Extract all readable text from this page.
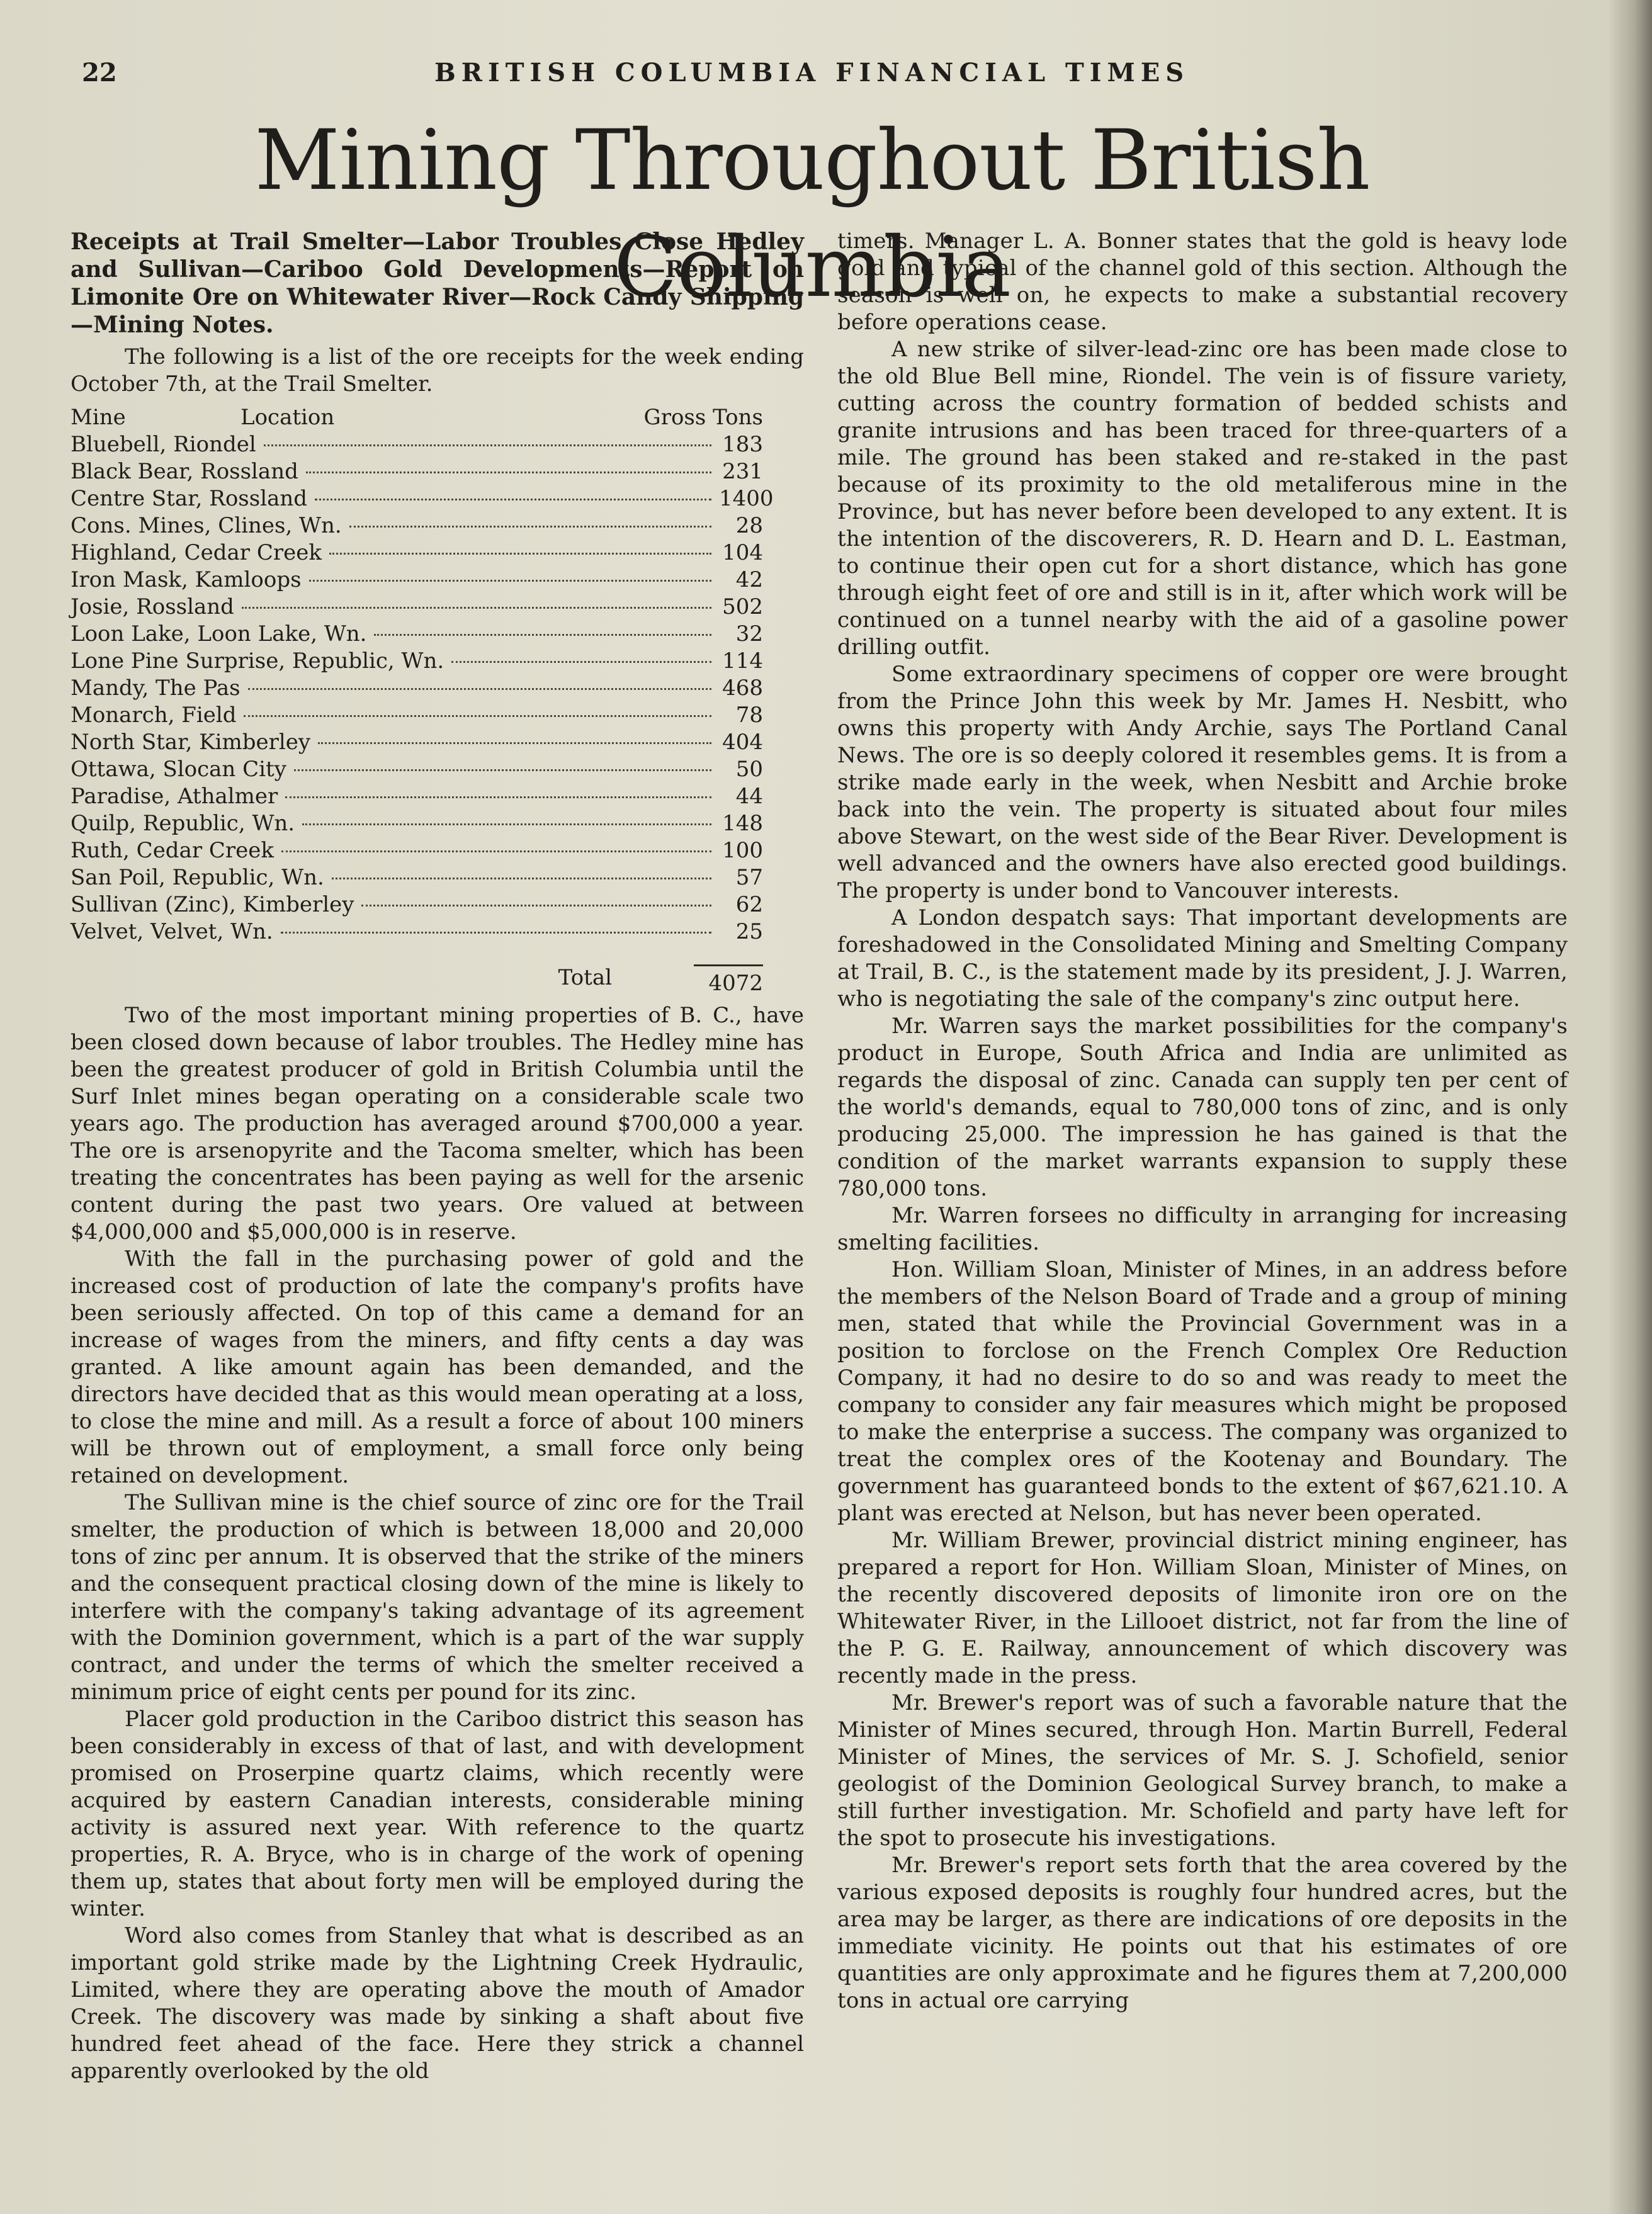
22	BRITISH COLUMBIA FINANCIAL TIMES
Mining Throughout British Columbia
Receipts at Trail Smelter—Labor Troubles Close Hedley and Sullivan—Cariboo Gold Developments—Report on Limonite Ore on Whitewater River—Rock Candy Shipping—Mining Notes.

The following is a list of the ore receipts for the week ending October 7th, at the Trail Smelter.

Mine	Location	Gross Tons
Bluebell, Riondel	183
Black Bear, Rossland	231
Centre Star, Rossland	1400
Cons. Mines, Clines, Wn.	28
Highland, Cedar Creek	104
Iron Mask, Kamloops	42
Josie, Rossland	502
Loon Lake, Loon Lake, Wn.	32
Lone Pine Surprise, Republic, Wn.	114
Mandy, The Pas	468
Monarch, Field	78
North Star, Kimberley	404
Ottawa, Slocan City	50
Paradise, Athalmer	44
Quilp, Republic, Wn.	148
Ruth, Cedar Creek	100
San Poil, Republic, Wn.	57
Sullivan (Zinc), Kimberley	62
Velvet, Velvet, Wn.	25
Total	4072

Two of the most important mining properties of B. C., have been closed down because of labor troubles. The Hedley mine has been the greatest producer of gold in British Columbia until the Surf Inlet mines began operating on a considerable scale two years ago. The production has averaged around $700,000 a year. The ore is arsenopyrite and the Tacoma smelter, which has been treating the concentrates has been paying as well for the arsenic content during the past two years. Ore valued at between $4,000,000 and $5,000,000 is in reserve.

With the fall in the purchasing power of gold and the increased cost of production of late the company's profits have been seriously affected. On top of this came a demand for an increase of wages from the miners, and fifty cents a day was granted. A like amount again has been demanded, and the directors have decided that as this would mean operating at a loss, to close the mine and mill. As a result a force of about 100 miners will be thrown out of employment, a small force only being retained on development.

The Sullivan mine is the chief source of zinc ore for the Trail smelter, the production of which is between 18,000 and 20,000 tons of zinc per annum. It is observed that the strike of the miners and the consequent practical closing down of the mine is likely to interfere with the company's taking advantage of its agreement with the Dominion government, which is a part of the war supply contract, and under the terms of which the smelter received a minimum price of eight cents per pound for its zinc.

Placer gold production in the Cariboo district this season has been considerably in excess of that of last, and with development promised on Proserpine quartz claims, which recently were acquired by eastern Canadian interests, considerable mining activity is assured next year. With reference to the quartz properties, R. A. Bryce, who is in charge of the work of opening them up, states that about forty men will be employed during the winter.

Word also comes from Stanley that what is described as an important gold strike made by the Lightning Creek Hydraulic, Limited, where they are operating above the mouth of Amador Creek. The discovery was made by sinking a shaft about five hundred feet ahead of the face. Here they strick a channel apparently overlooked by the old

timers. Manager L. A. Bonner states that the gold is heavy lode gold and typical of the channel gold of this section. Although the season is well on, he expects to make a substantial recovery before operations cease.

A new strike of silver-lead-zinc ore has been made close to the old Blue Bell mine, Riondel. The vein is of fissure variety, cutting across the country formation of bedded schists and granite intrusions and has been traced for three-quarters of a mile. The ground has been staked and re-staked in the past because of its proximity to the old metaliferous mine in the Province, but has never before been developed to any extent. It is the intention of the discoverers, R. D. Hearn and D. L. Eastman, to continue their open cut for a short distance, which has gone through eight feet of ore and still is in it, after which work will be continued on a tunnel nearby with the aid of a gasoline power drilling outfit.

Some extraordinary specimens of copper ore were brought from the Prince John this week by Mr. James H. Nesbitt, who owns this property with Andy Archie, says The Portland Canal News. The ore is so deeply colored it resembles gems. It is from a strike made early in the week, when Nesbitt and Archie broke back into the vein. The property is situated about four miles above Stewart, on the west side of the Bear River. Development is well advanced and the owners have also erected good buildings. The property is under bond to Vancouver interests.

A London despatch says: That important developments are foreshadowed in the Consolidated Mining and Smelting Company at Trail, B. C., is the statement made by its president, J. J. Warren, who is negotiating the sale of the company's zinc output here.

Mr. Warren says the market possibilities for the company's product in Europe, South Africa and India are unlimited as regards the disposal of zinc. Canada can supply ten per cent of the world's demands, equal to 780,000 tons of zinc, and is only producing 25,000. The impression he has gained is that the condition of the market warrants expansion to supply these 780,000 tons.

Mr. Warren forsees no difficulty in arranging for increasing smelting facilities.

Hon. William Sloan, Minister of Mines, in an address before the members of the Nelson Board of Trade and a group of mining men, stated that while the Provincial Government was in a position to forclose on the French Complex Ore Reduction Company, it had no desire to do so and was ready to meet the company to consider any fair measures which might be proposed to make the enterprise a success. The company was organized to treat the complex ores of the Kootenay and Boundary. The government has guaranteed bonds to the extent of $67,621.10. A plant was erected at Nelson, but has never been operated.

Mr. William Brewer, provincial district mining engineer, has prepared a report for Hon. William Sloan, Minister of Mines, on the recently discovered deposits of limonite iron ore on the Whitewater River, in the Lillooet district, not far from the line of the P. G. E. Railway, announcement of which discovery was recently made in the press.

Mr. Brewer's report was of such a favorable nature that the Minister of Mines secured, through Hon. Martin Burrell, Federal Minister of Mines, the services of Mr. S. J. Schofield, senior geologist of the Dominion Geological Survey branch, to make a still further investigation. Mr. Schofield and party have left for the spot to prosecute his investigations.

Mr. Brewer's report sets forth that the area covered by the various exposed deposits is roughly four hundred acres, but the area may be larger, as there are indications of ore deposits in the immediate vicinity. He points out that his estimates of ore quantities are only approximate and he figures them at 7,200,000 tons in actual ore carrying
